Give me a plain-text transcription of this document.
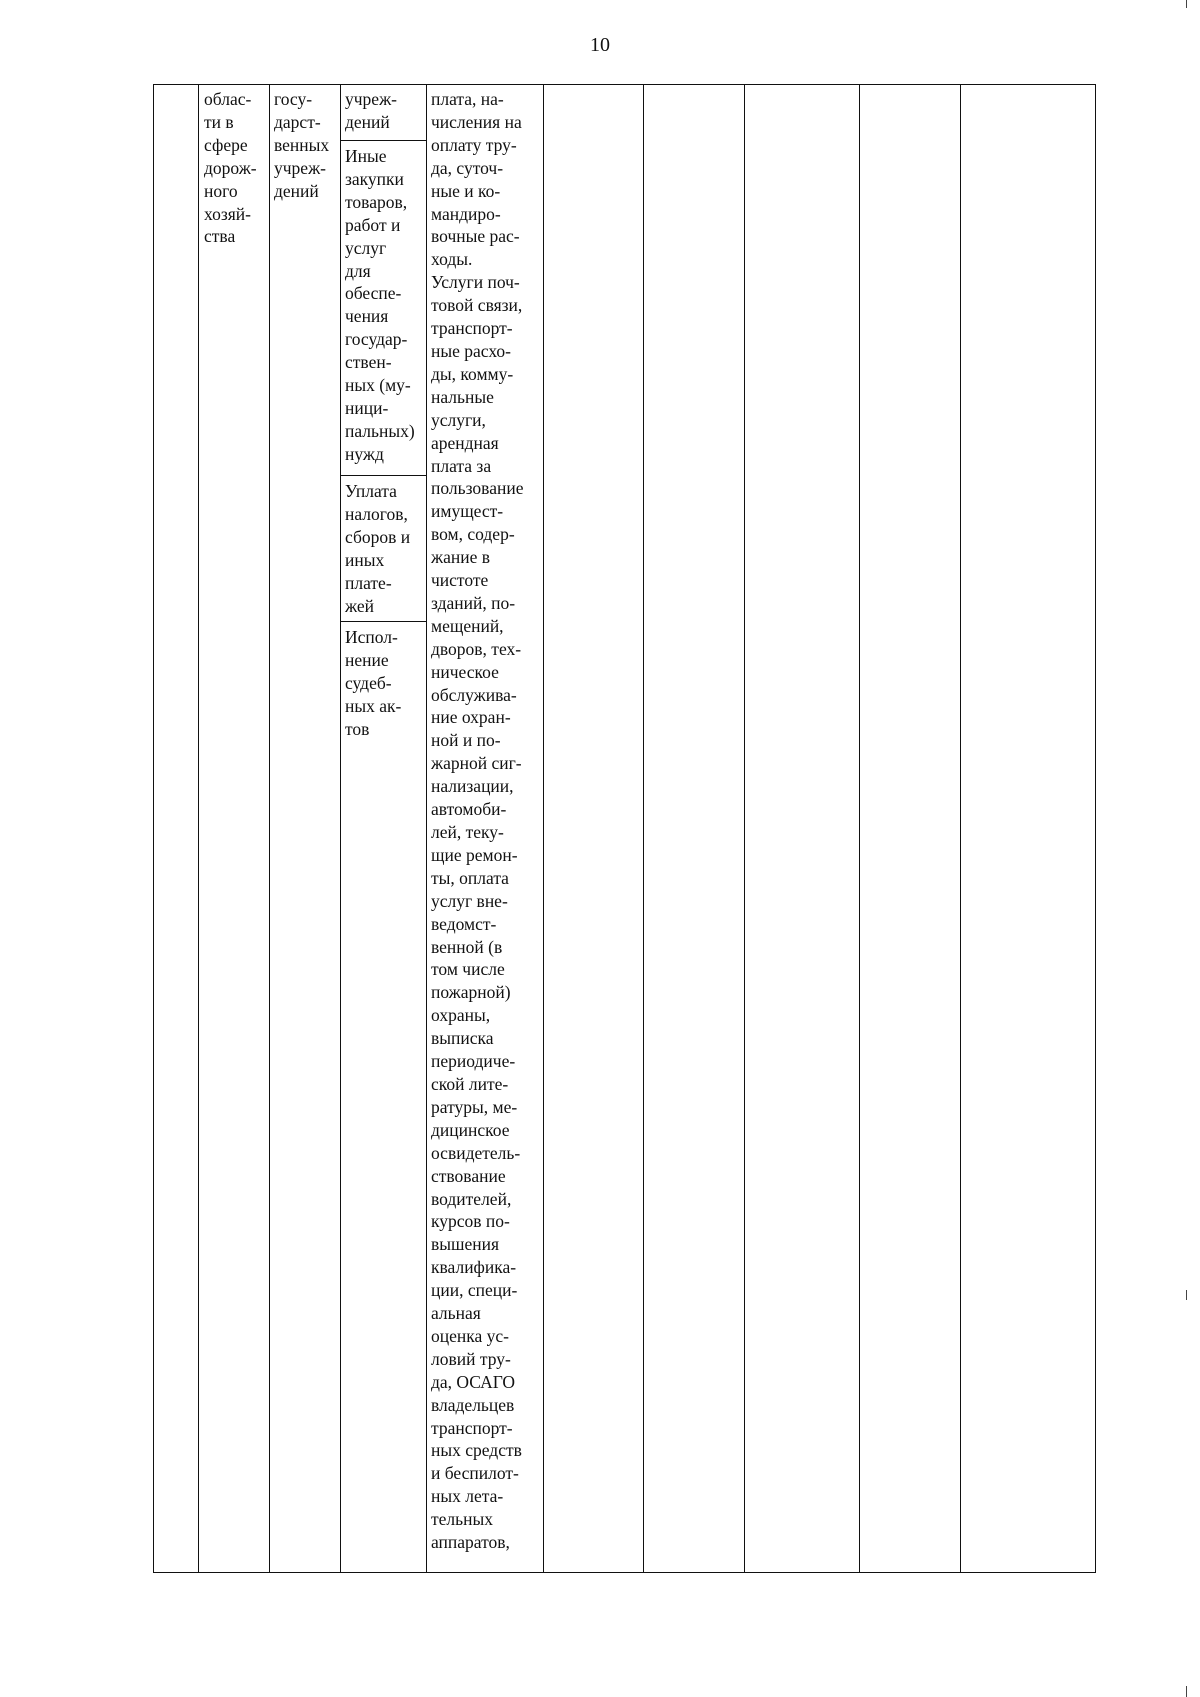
10

облас-
ти в
сфере
дорож-
ного
хозяй-
ства

госу-
дарст-
венных
учреж-
дений

учреж-
дений

Иные
закупки
товаров,
работ и
услуг
для
обеспе-
чения
государ-
ствен-
ных (му-
ници-
пальных)
нужд

Уплата
налогов,
сборов и
иных
плате-
жей

Испол-
нение
судеб-
ных ак-
тов

плата, на-
числения на
оплату тру-
да, суточ-
ные и ко-
мандиро-
вочные рас-
ходы.
Услуги поч-
товой связи,
транспорт-
ные расхо-
ды, комму-
нальные
услуги,
арендная
плата за
пользование
имущест-
вом, содер-
жание в
чистоте
зданий, по-
мещений,
дворов, тех-
ническое
обслужива-
ние охран-
ной и по-
жарной сиг-
нализации,
автомоби-
лей, теку-
щие ремон-
ты, оплата
услуг вне-
ведомст-
венной (в
том числе
пожарной)
охраны,
выписка
периодиче-
ской лите-
ратуры, ме-
дицинское
освидетель-
ствование
водителей,
курсов по-
вышения
квалифика-
ции, специ-
альная
оценка ус-
ловий тру-
да, ОСАГО
владельцев
транспорт-
ных средств
и беспилот-
ных лета-
тельных
аппаратов,
